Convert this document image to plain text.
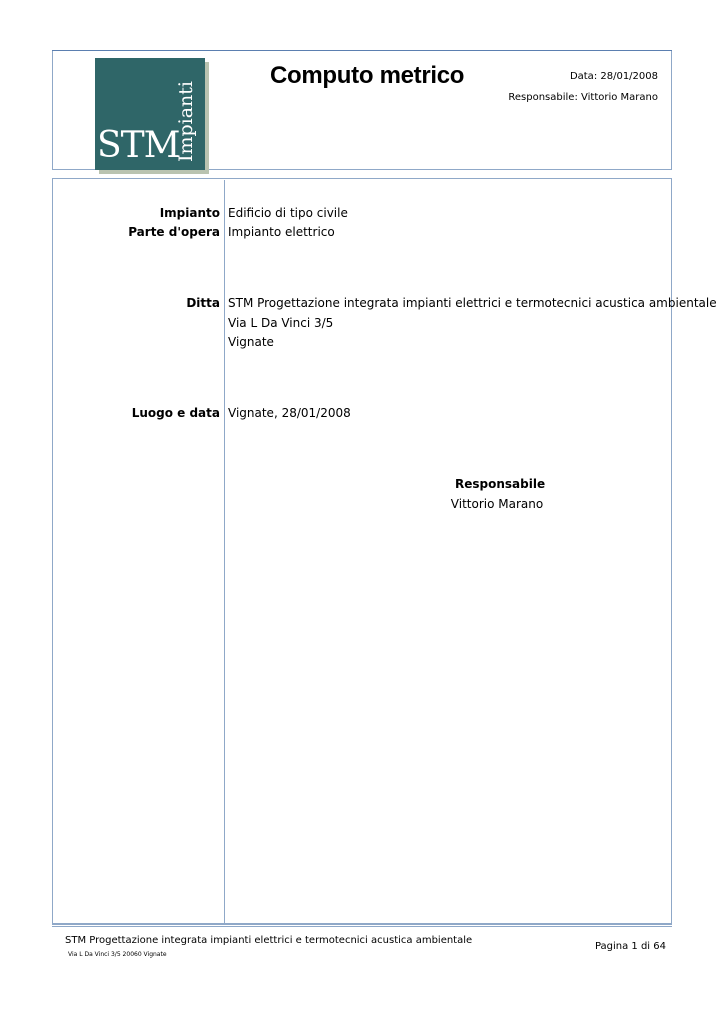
STM
Impianti
Computo metrico	Data: 28/01/2008
Responsabile: Vittorio Marano
Impianto Edificio di tipo civile
Parte d'opera Impianto elettrico
Ditta STM Progettazione integrata impianti elettrici e termotecnici acustica ambientale
Via L Da Vinci 3/5
Vignate
Luogo e data Vignate, 28/01/2008
Responsabile
Vittorio Marano
STM Progettazione integrata impianti elettrici e termotecnici acustica ambientale
Via L Da Vinci 3/5 20060 Vignate
Pagina 1 di 64
